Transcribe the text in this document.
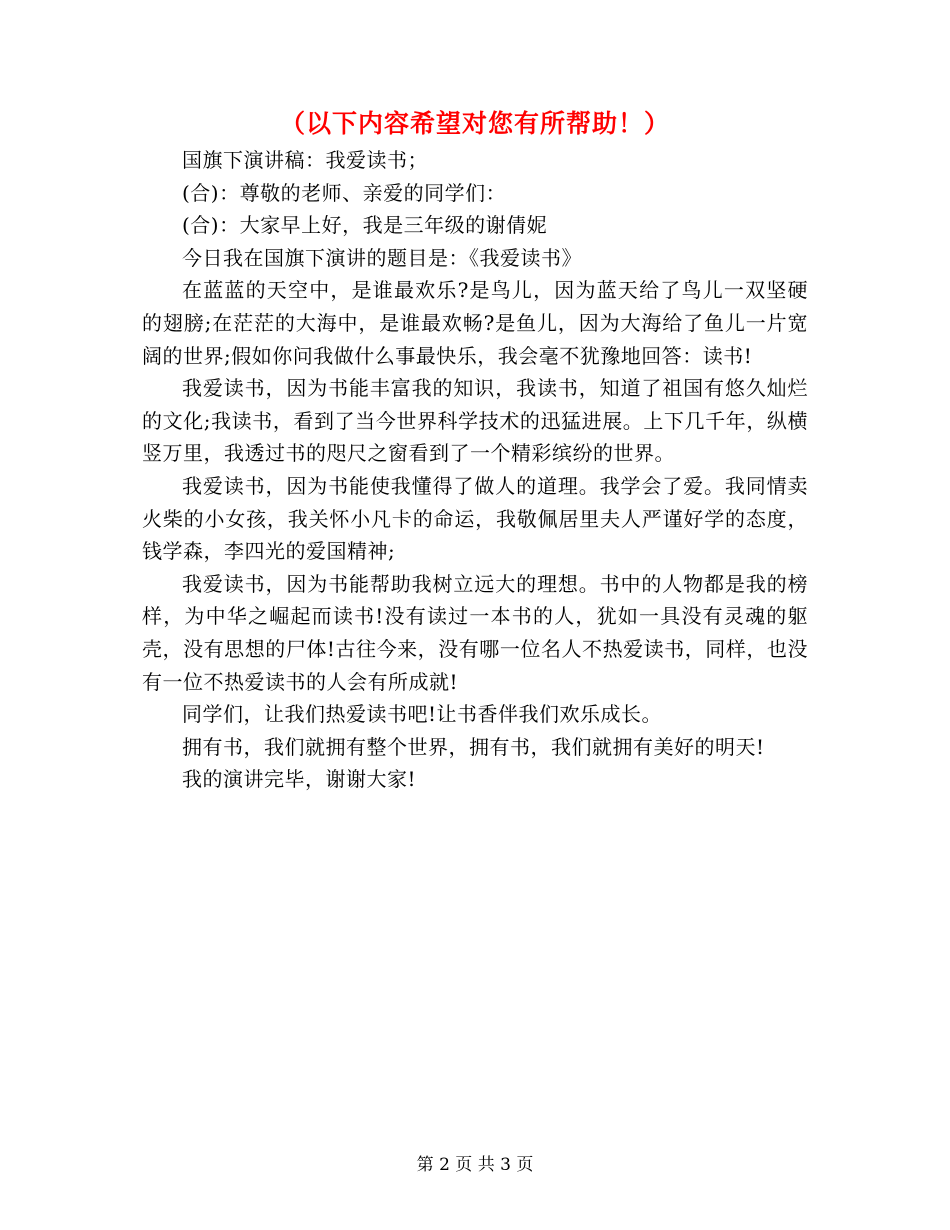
（以下内容希望对您有所帮助！）

国旗下演讲稿：我爱读书；

(合)：尊敬的老师、亲爱的同学们：

(合)：大家早上好，我是三年级的谢倩妮

今日我在国旗下演讲的题目是：《我爱读书》

在蓝蓝的天空中，是谁最欢乐?是鸟儿，因为蓝天给了鸟儿一双坚硬的翅膀;在茫茫的大海中，是谁最欢畅?是鱼儿，因为大海给了鱼儿一片宽阔的世界;假如你问我做什么事最快乐，我会毫不犹豫地回答：读书!

我爱读书，因为书能丰富我的知识，我读书，知道了祖国有悠久灿烂的文化;我读书，看到了当今世界科学技术的迅猛进展。上下几千年，纵横竖万里，我透过书的咫尺之窗看到了一个精彩缤纷的世界。

我爱读书，因为书能使我懂得了做人的道理。我学会了爱。我同情卖火柴的小女孩，我关怀小凡卡的命运，我敬佩居里夫人严谨好学的态度，钱学森，李四光的爱国精神;

我爱读书，因为书能帮助我树立远大的理想。书中的人物都是我的榜样，为中华之崛起而读书!没有读过一本书的人，犹如一具没有灵魂的躯壳，没有思想的尸体!古往今来，没有哪一位名人不热爱读书，同样，也没有一位不热爱读书的人会有所成就!

同学们，让我们热爱读书吧!让书香伴我们欢乐成长。

拥有书，我们就拥有整个世界，拥有书，我们就拥有美好的明天!

我的演讲完毕，谢谢大家!

第 2 页 共 3 页
